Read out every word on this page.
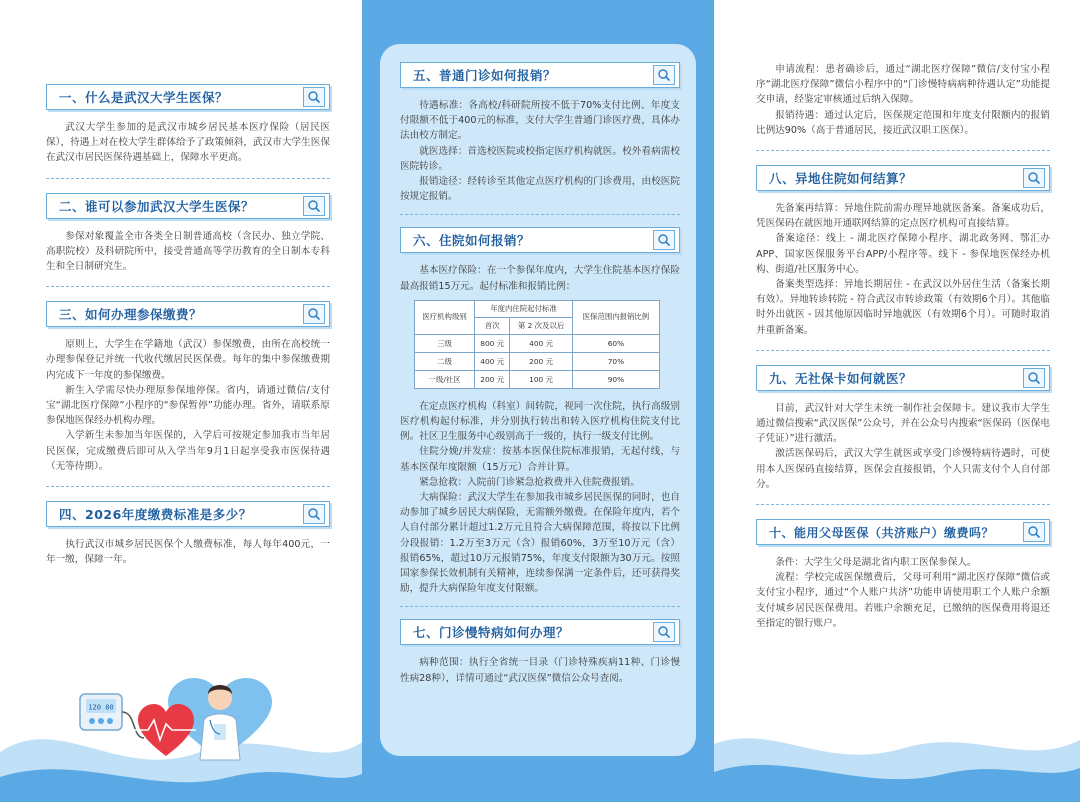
一、什么是武汉大学生医保？

武汉大学生参加的是武汉市城乡居民基本医疗保险（居民医保），待遇上对在校大学生群体给予了政策倾斜，武汉市大学生医保在武汉市居民医保待遇基础上，保障水平更高。

二、谁可以参加武汉大学生医保？

参保对象覆盖全市各类全日制普通高校（含民办、独立学院、高职院校）及科研院所中，接受普通高等学历教育的全日制本专科生和全日制研究生。

三、如何办理参保缴费？

原则上，大学生在学籍地（武汉）参保缴费，由所在高校统一办理参保登记并统一代收代缴居民医保费。每年的集中参保缴费期内完成下一年度的参保缴费。

新生入学需尽快办理原参保地停保。省内，请通过微信/支付宝“湖北医疗保障”小程序的“参保暂停”功能办理。省外，请联系原参保地医保经办机构办理。

入学新生未参加当年医保的，入学后可按规定参加我市当年居民医保，完成缴费后即可从入学当年9月1日起享受我市医保待遇（无等待期）。

四、2026年度缴费标准是多少？

执行武汉市城乡居民医保个人缴费标准，每人每年400元，一年一缴，保障一年。

120 80
五、普通门诊如何报销？

待遇标准：各高校/科研院所按不低于70%支付比例、年度支付限额不低于400元的标准，支付大学生普通门诊医疗费，具体办法由校方制定。

就医选择：首选校医院或校指定医疗机构就医。校外看病需校医院转诊。

报销途径：经转诊至其他定点医疗机构的门诊费用，由校医院按规定报销。

六、住院如何报销？

基本医疗保险：在一个参保年度内，大学生住院基本医疗保险最高报销15万元。起付标准和报销比例：

医疗机构级别	年度内住院起付标准		医保范围内报销比例
	首次	第 2 次及以后	
三级	800 元	400 元	60%
二级	400 元	200 元	70%
一级/社区	200 元	100 元	90%

在定点医疗机构（科室）间转院，视同一次住院，执行高级别医疗机构起付标准，并分别执行转出和转入医疗机构住院支付比例。社区卫生服务中心级别高于一级的，执行一级支付比例。

住院分娩/并发症：按基本医保住院标准报销，无起付线，与基本医保年度限额（15万元）合并计算。

紧急抢救：入院前门诊紧急抢救费并入住院费报销。

大病保险：武汉大学生在参加我市城乡居民医保的同时，也自动参加了城乡居民大病保险，无需额外缴费。在保险年度内，若个人自付部分累计超过1.2万元且符合大病保障范围，将按以下比例分段报销：1.2万至3万元（含）报销60%，3万至10万元（含）报销65%，超过10万元报销75%，年度支付限额为30万元。按照国家参保长效机制有关精神，连续参保满一定条件后，还可获得奖励，提升大病保险年度支付限额。

七、门诊慢特病如何办理？

病种范围：执行全省统一目录（门诊特殊疾病11种、门诊慢性病28种），详情可通过“武汉医保”微信公众号查阅。

申请流程：患者确诊后，通过“湖北医疗保障”微信/支付宝小程序“湖北医疗保障”微信小程序中的“门诊慢特病病种待遇认定”功能提交申请，经鉴定审核通过后纳入保障。

报销待遇：通过认定后，医保规定范围和年度支付限额内的报销比例达90%（高于普通居民，接近武汉职工医保）。

八、异地住院如何结算？

先备案再结算：异地住院前需办理异地就医备案。备案成功后，凭医保码在就医地开通联网结算的定点医疗机构可直接结算。

备案途径：线上 - 湖北医疗保障小程序、湖北政务网、鄂汇办APP、国家医保服务平台APP/小程序等。线下 - 参保地医保经办机构、街道/社区服务中心。

备案类型选择：异地长期居住 - 在武汉以外居住生活（备案长期有效）。异地转诊转院 - 符合武汉市转诊政策（有效期6个月）。其他临时外出就医 - 因其他原因临时异地就医（有效期6个月）。可随时取消并重新备案。

九、无社保卡如何就医？

目前，武汉针对大学生未统一制作社会保障卡。建议我市大学生通过微信搜索“武汉医保”公众号，并在公众号内搜索“医保码（医保电子凭证）”进行激活。

激活医保码后，武汉大学生就医或享受门诊慢特病待遇时，可使用本人医保码直接结算，医保会直接报销，个人只需支付个人自付部分。

十、能用父母医保（共济账户）缴费吗？

条件：大学生父母是湖北省内职工医保参保人。

流程：学校完成医保缴费后，父母可利用“湖北医疗保障”微信或支付宝小程序，通过“个人账户共济”功能申请使用职工个人账户余额支付城乡居民医保费用。若账户余额充足，已缴纳的医保费用将退还至指定的银行账户。
